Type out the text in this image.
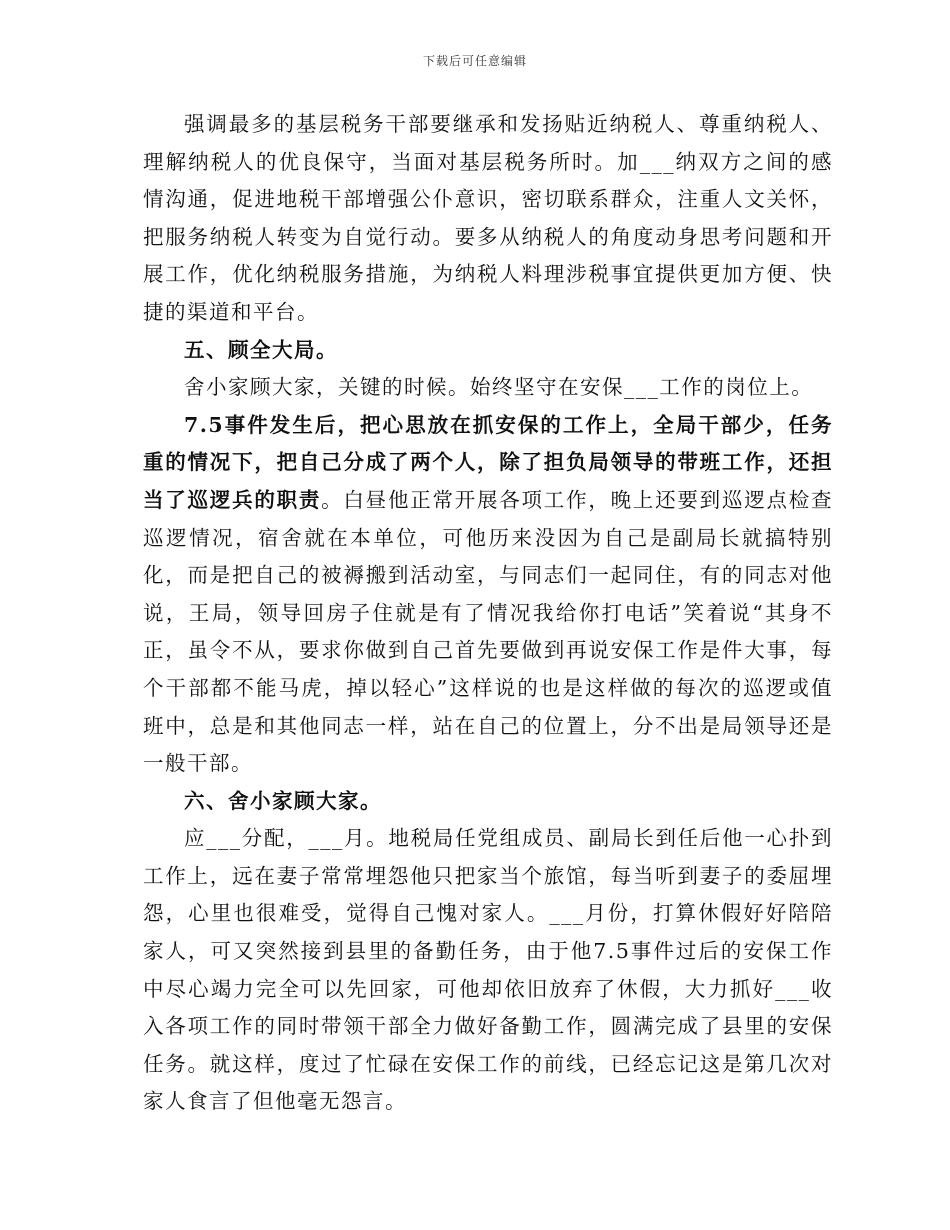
下载后可任意编辑

强调最多的基层税务干部要继承和发扬贴近纳税人、尊重纳税人、理解纳税人的优良保守，当面对基层税务所时。加___纳双方之间的感情沟通，促进地税干部增强公仆意识，密切联系群众，注重人文关怀，把服务纳税人转变为自觉行动。要多从纳税人的角度动身思考问题和开展工作，优化纳税服务措施，为纳税人料理涉税事宜提供更加方便、快捷的渠道和平台。

五、顾全大局。

舍小家顾大家，关键的时候。始终坚守在安保___工作的岗位上。

7.5事件发生后，把心思放在抓安保的工作上，全局干部少，任务重的情况下，把自己分成了两个人，除了担负局领导的带班工作，还担当了巡逻兵的职责。白昼他正常开展各项工作，晚上还要到巡逻点检查巡逻情况，宿舍就在本单位，可他历来没因为自己是副局长就搞特别化，而是把自己的被褥搬到活动室，与同志们一起同住，有的同志对他说，王局，领导回房子住就是有了情况我给你打电话”笑着说“其身不正，虽令不从，要求你做到自己首先要做到再说安保工作是件大事，每个干部都不能马虎，掉以轻心”这样说的也是这样做的每次的巡逻或值班中，总是和其他同志一样，站在自己的位置上，分不出是局领导还是一般干部。

六、舍小家顾大家。

应___分配，___月。地税局任党组成员、副局长到任后他一心扑到工作上，远在妻子常常埋怨他只把家当个旅馆，每当听到妻子的委屈埋怨，心里也很难受，觉得自己愧对家人。___月份，打算休假好好陪陪家人，可又突然接到县里的备勤任务，由于他7.5事件过后的安保工作中尽心竭力完全可以先回家，可他却依旧放弃了休假，大力抓好___收入各项工作的同时带领干部全力做好备勤工作，圆满完成了县里的安保任务。就这样，度过了忙碌在安保工作的前线，已经忘记这是第几次对家人食言了但他毫无怨言。
